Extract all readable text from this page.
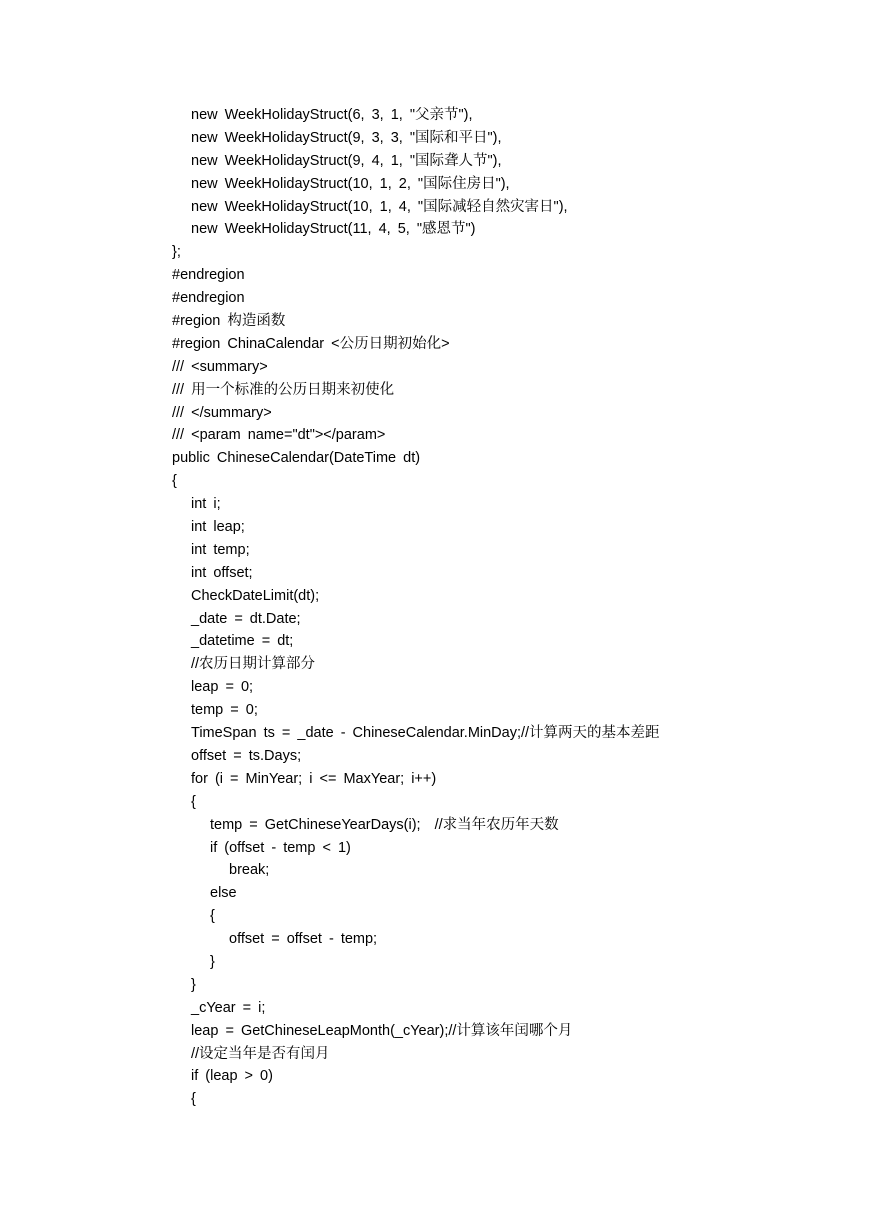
new WeekHolidayStruct(6, 3, 1, "父亲节"),
new WeekHolidayStruct(9, 3, 3, "国际和平日"),
new WeekHolidayStruct(9, 4, 1, "国际聋人节"),
new WeekHolidayStruct(10, 1, 2, "国际住房日"),
new WeekHolidayStruct(10, 1, 4, "国际减轻自然灾害日"),
new WeekHolidayStruct(11, 4, 5, "感恩节")
};
#endregion
#endregion
#region 构造函数
#region ChinaCalendar <公历日期初始化>
/// <summary>
/// 用一个标准的公历日期来初使化
/// </summary>
/// <param name="dt"></param>
public ChineseCalendar(DateTime dt)
{
int i;
int leap;
int temp;
int offset;
CheckDateLimit(dt);
_date = dt.Date;
_datetime = dt;
//农历日期计算部分
leap = 0;
temp = 0;
TimeSpan ts = _date - ChineseCalendar.MinDay;//计算两天的基本差距
offset = ts.Days;
for (i = MinYear; i <= MaxYear; i++)
{
temp = GetChineseYearDays(i);  //求当年农历年天数
if (offset - temp < 1)
break;
else
{
offset = offset - temp;
}
}
_cYear = i;
leap = GetChineseLeapMonth(_cYear);//计算该年闰哪个月
//设定当年是否有闰月
if (leap > 0)
{
